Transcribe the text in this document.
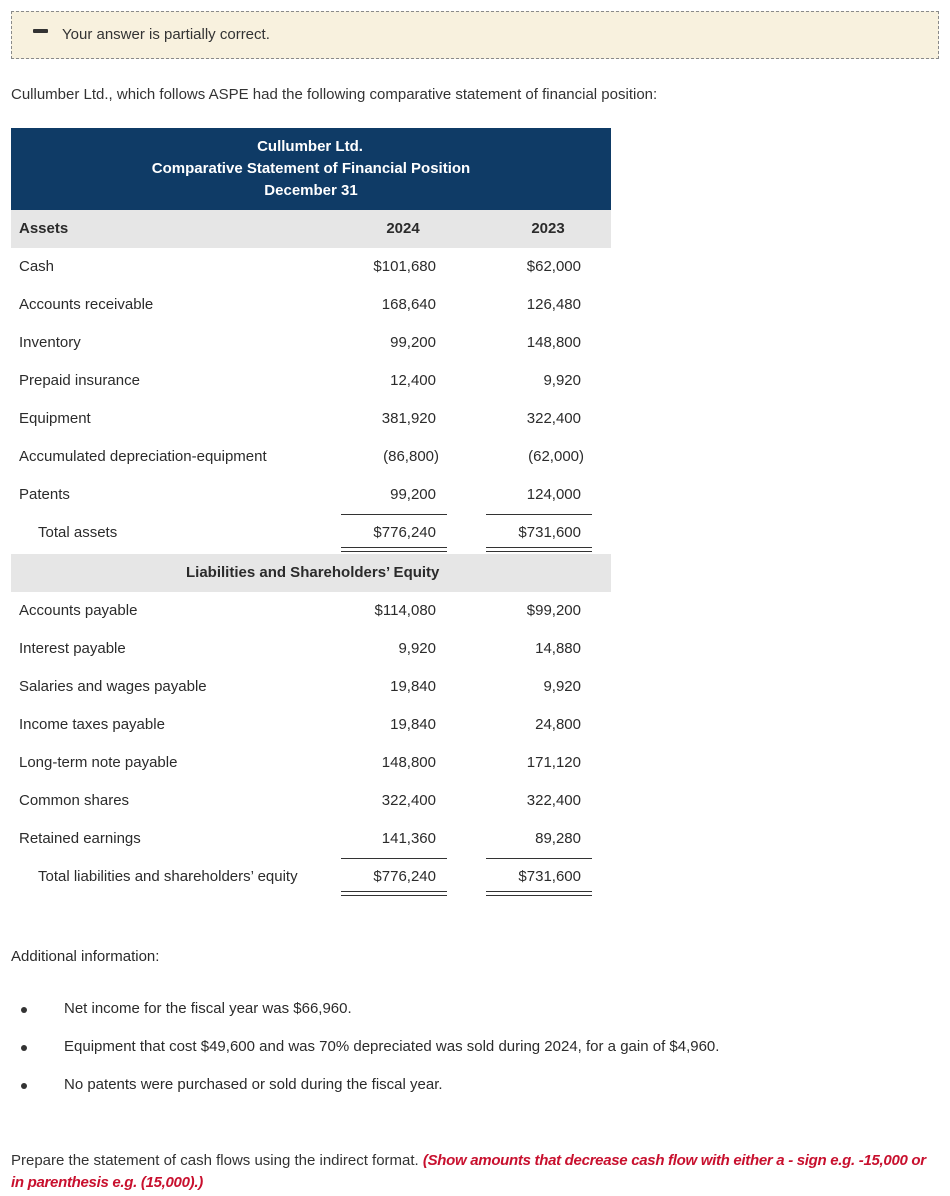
Your answer is partially correct.
Cullumber Ltd., which follows ASPE had the following comparative statement of financial position:
Cullumber Ltd.
Comparative Statement of Financial Position
December 31
Assets	2024	2023
Cash	$101,680	$62,000
Accounts receivable	168,640	126,480
Inventory	99,200	148,800
Prepaid insurance	12,400	9,920
Equipment	381,920	322,400
Accumulated depreciation-equipment	(86,800)	(62,000)
Patents	99,200	124,000
Total assets	$776,240	$731,600
Liabilities and Shareholders’ Equity
Accounts payable	$114,080	$99,200
Interest payable	9,920	14,880
Salaries and wages payable	19,840	9,920
Income taxes payable	19,840	24,800
Long-term note payable	148,800	171,120
Common shares	322,400	322,400
Retained earnings	141,360	89,280
Total liabilities and shareholders’ equity	$776,240	$731,600
Additional information:
Net income for the fiscal year was $66,960.
Equipment that cost $49,600 and was 70% depreciated was sold during 2024, for a gain of $4,960.
No patents were purchased or sold during the fiscal year.
Prepare the statement of cash flows using the indirect format. (Show amounts that decrease cash flow with either a - sign e.g. -15,000 or in parenthesis e.g. (15,000).)
